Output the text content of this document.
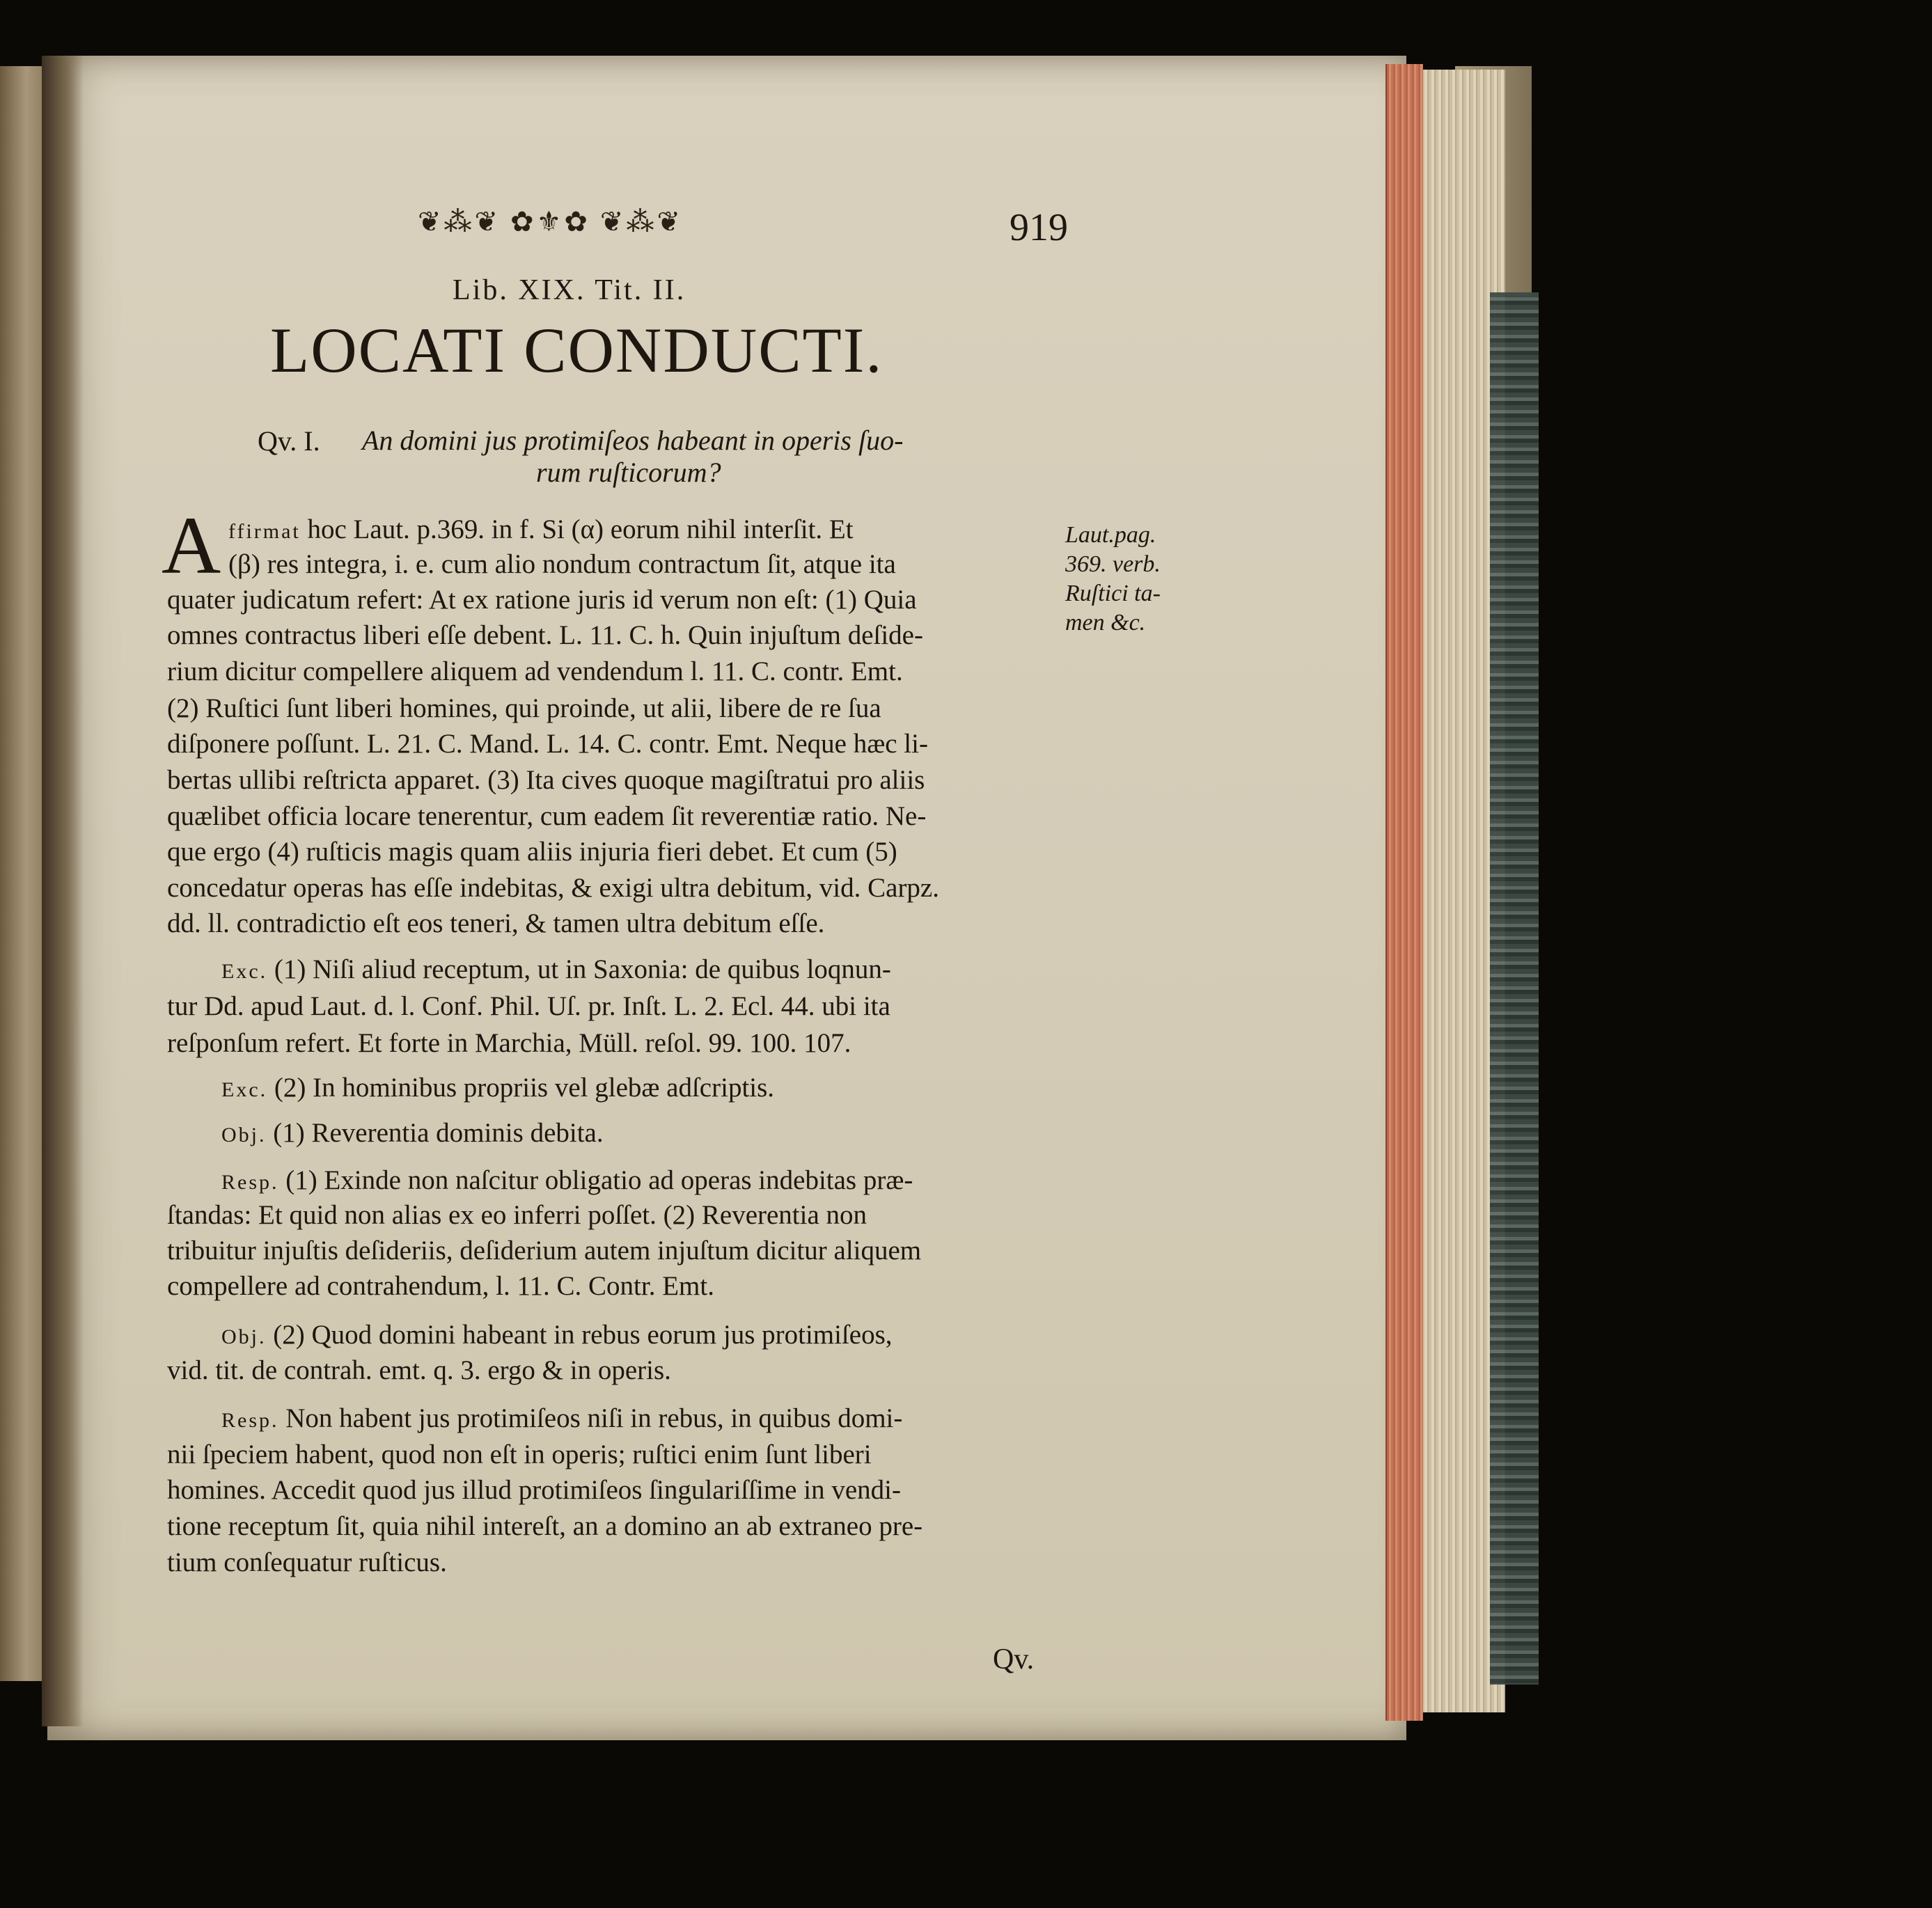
❦⁂❦ ✿⚜✿ ❦⁂❦	919
Lib. XIX. Tit. II.
LOCATI CONDUCTI.
Qv. I. An domini jus protimiſeos habeant in operis ſuo-
rum ruſticorum?
A ffirmat hoc Laut. p.369. in f. Si (α) eorum nihil interſit. Et
(β) res integra, i. e. cum alio nondum contractum ſit, atque ita
quater judicatum refert: At ex ratione juris id verum non eſt: (1) Quia
omnes contractus liberi eſſe debent. L. 11. C. h. Quin injuſtum deſide-
rium dicitur compellere aliquem ad vendendum l. 11. C. contr. Emt.
(2) Ruſtici ſunt liberi homines, qui proinde, ut alii, libere de re ſua
diſponere poſſunt. L. 21. C. Mand. L. 14. C. contr. Emt. Neque hæc li-
bertas ullibi reſtricta apparet. (3) Ita cives quoque magiſtratui pro aliis
quælibet officia locare tenerentur, cum eadem ſit reverentiæ ratio. Ne-
que ergo (4) ruſticis magis quam aliis injuria fieri debet. Et cum (5)
concedatur operas has eſſe indebitas, & exigi ultra debitum, vid. Carpz.
dd. ll. contradictio eſt eos teneri, & tamen ultra debitum eſſe.
Exc. (1) Niſi aliud receptum, ut in Saxonia: de quibus loqnun-
tur Dd. apud Laut. d. l. Conf. Phil. Uſ. pr. Inſt. L. 2. Ecl. 44. ubi ita
reſponſum refert. Et forte in Marchia, Müll. reſol. 99. 100. 107.
Exc. (2) In hominibus propriis vel glebæ adſcriptis.
Obj. (1) Reverentia dominis debita.
Resp. (1) Exinde non naſcitur obligatio ad operas indebitas præ-
ſtandas: Et quid non alias ex eo inferri poſſet. (2) Reverentia non
tribuitur injuſtis deſideriis, deſiderium autem injuſtum dicitur aliquem
compellere ad contrahendum, l. 11. C. Contr. Emt.
Obj. (2) Quod domini habeant in rebus eorum jus protimiſeos,
vid. tit. de contrah. emt. q. 3. ergo & in operis.
Resp. Non habent jus protimiſeos niſi in rebus, in quibus domi-
nii ſpeciem habent, quod non eſt in operis; ruſtici enim ſunt liberi
homines. Accedit quod jus illud protimiſeos ſingulariſſime in vendi-
tione receptum ſit, quia nihil intereſt, an a domino an ab extraneo pre-
tium conſequatur ruſticus.
Laut.pag.
369. verb.
Ruſtici ta-
men &c.
Qv.
